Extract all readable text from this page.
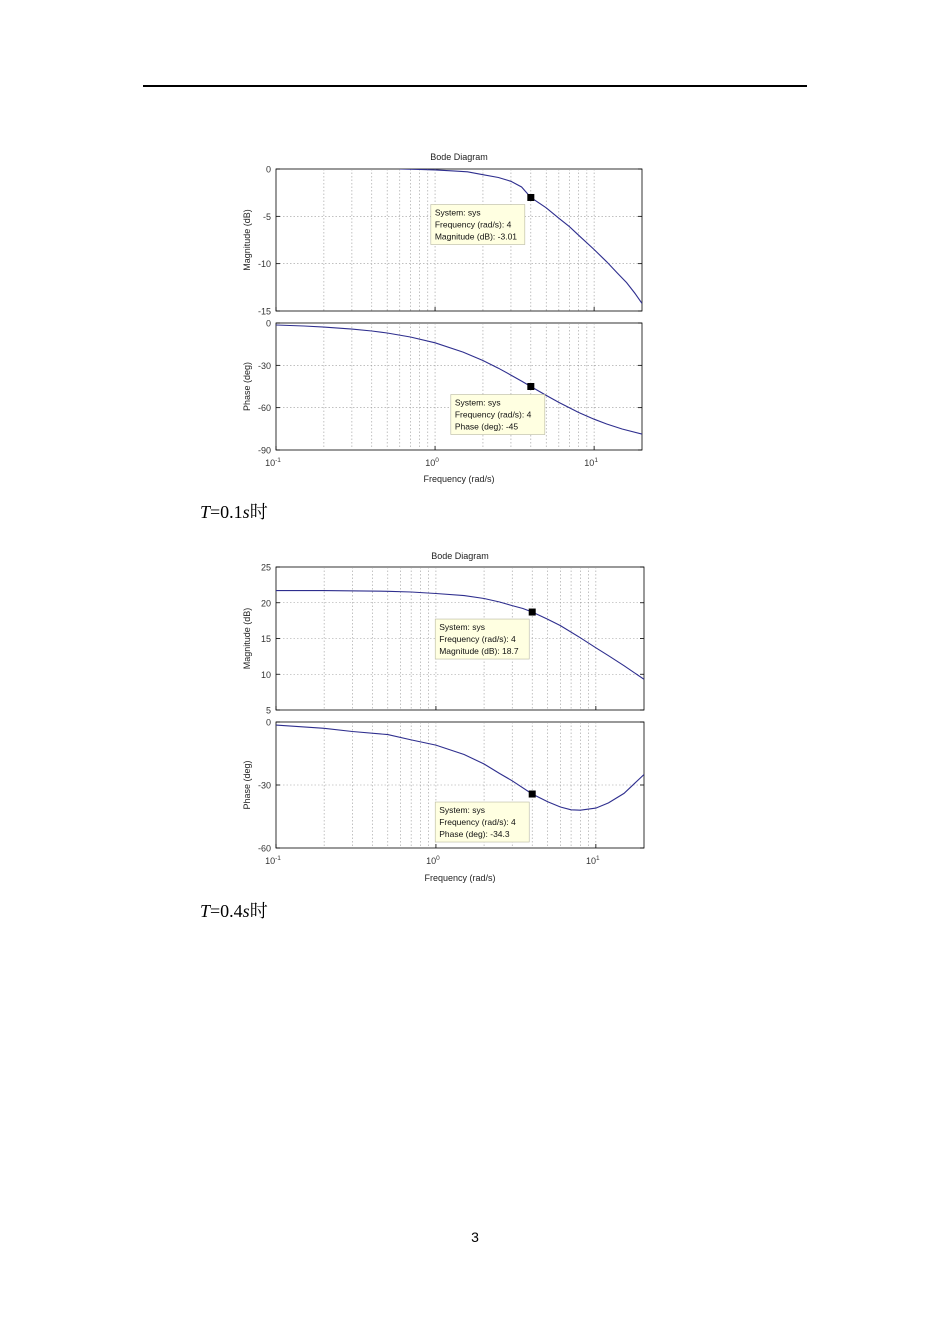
Bode Diagram
0
-5
-10
-15
Magnitude (dB)	System: sys
Frequency (rad/s): 4
Magnitude (dB): -3.01
0
-30
-60
-90
$10^{-1}$	$10^0$	$10^1$
Phase (deg)	System: sys
Frequency (rad/s): 4
Phase (deg): -45
Frequency (rad/s)
T=0.1s时
Bode Diagram
25
20
15
10
5
Magnitude (dB)	System: sys
Frequency (rad/s): 4
Magnitude (dB): 18.7
0
-30
-60
$10^{-1}$	$10^0$	$10^1$
Phase (deg)
System: sys
Frequency (rad/s): 4
Phase (deg): -34.3
Frequency (rad/s)
T=0.4s时
3
